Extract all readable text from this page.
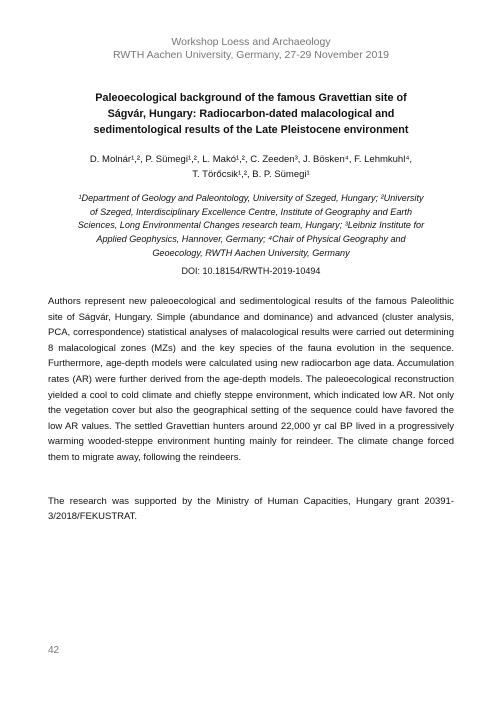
Workshop Loess and Archaeology
RWTH Aachen University, Germany, 27-29 November 2019
Paleoecological background of the famous Gravettian site of
Ságvár, Hungary: Radiocarbon-dated malacological and
sedimentological results of the Late Pleistocene environment
D. Molnár¹,², P. Sümegi¹,², L. Makó¹,², C. Zeeden³, J. Bösken⁴, F. Lehmkuhl⁴,
T. Törőcsik¹,², B. P. Sümegi¹
¹Department of Geology and Paleontology, University of Szeged, Hungary; ²University
of Szeged, Interdisciplinary Excellence Centre, Institute of Geography and Earth
Sciences, Long Environmental Changes research team, Hungary; ³Leibniz Institute for
Applied Geophysics, Hannover, Germany; ⁴Chair of Physical Geography and
Geoecology, RWTH Aachen University, Germany
DOI: 10.18154/RWTH-2019-10494

Authors represent new paleoecological and sedimentological results of the famous Paleolithic site of Ságvár, Hungary. Simple (abundance and dominance) and advanced (cluster analysis, PCA, correspondence) statistical analyses of malacological results were carried out determining 8 malacological zones (MZs) and the key species of the fauna evolution in the sequence. Furthermore, age-depth models were calculated using new radiocarbon age data. Accumulation rates (AR) were further derived from the age-depth models. The paleoecological reconstruction yielded a cool to cold climate and chiefly steppe environment, which indicated low AR. Not only the vegetation cover but also the geographical setting of the sequence could have favored the low AR values. The settled Gravettian hunters around 22,000 yr cal BP lived in a progressively warming wooded-steppe environment hunting mainly for reindeer. The climate change forced them to migrate away, following the reindeers.

The research was supported by the Ministry of Human Capacities, Hungary grant 20391-3/2018/FEKUSTRAT.

42
